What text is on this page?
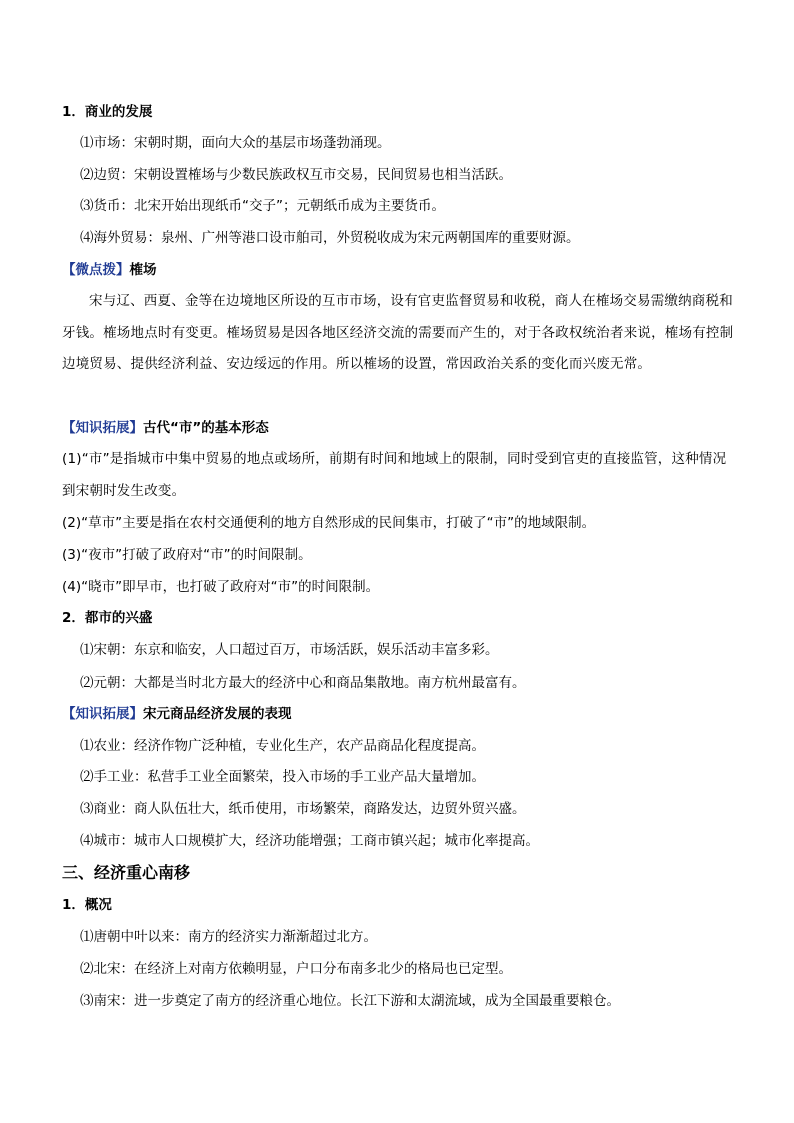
1．商业的发展
⑴市场：宋朝时期，面向大众的基层市场蓬勃涌现。
⑵边贸：宋朝设置榷场与少数民族政权互市交易，民间贸易也相当活跃。
⑶货币：北宋开始出现纸币“交子”；元朝纸币成为主要货币。
⑷海外贸易：泉州、广州等港口设市舶司，外贸税收成为宋元两朝国库的重要财源。
【微点拨】榷场
宋与辽、西夏、金等在边境地区所设的互市市场，设有官吏监督贸易和收税，商人在榷场交易需缴纳商税和牙钱。榷场地点时有变更。榷场贸易是因各地区经济交流的需要而产生的，对于各政权统治者来说，榷场有控制边境贸易、提供经济利益、安边绥远的作用。所以榷场的设置，常因政治关系的变化而兴废无常。
【知识拓展】古代“市”的基本形态
(1)“市”是指城市中集中贸易的地点或场所，前期有时间和地域上的限制，同时受到官吏的直接监管，这种情况到宋朝时发生改变。
(2)“草市”主要是指在农村交通便利的地方自然形成的民间集市，打破了“市”的地域限制。
(3)“夜市”打破了政府对“市”的时间限制。
(4)“晓市”即早市，也打破了政府对“市”的时间限制。
2．都市的兴盛
⑴宋朝：东京和临安，人口超过百万，市场活跃，娱乐活动丰富多彩。
⑵元朝：大都是当时北方最大的经济中心和商品集散地。南方杭州最富有。
【知识拓展】宋元商品经济发展的表现
⑴农业：经济作物广泛种植，专业化生产，农产品商品化程度提高。
⑵手工业：私营手工业全面繁荣，投入市场的手工业产品大量增加。
⑶商业：商人队伍壮大，纸币使用，市场繁荣，商路发达，边贸外贸兴盛。
⑷城市：城市人口规模扩大，经济功能增强；工商市镇兴起；城市化率提高。
三、经济重心南移
1．概况
⑴唐朝中叶以来：南方的经济实力渐渐超过北方。
⑵北宋：在经济上对南方依赖明显，户口分布南多北少的格局也已定型。
⑶南宋：进一步奠定了南方的经济重心地位。长江下游和太湖流域，成为全国最重要粮仓。
